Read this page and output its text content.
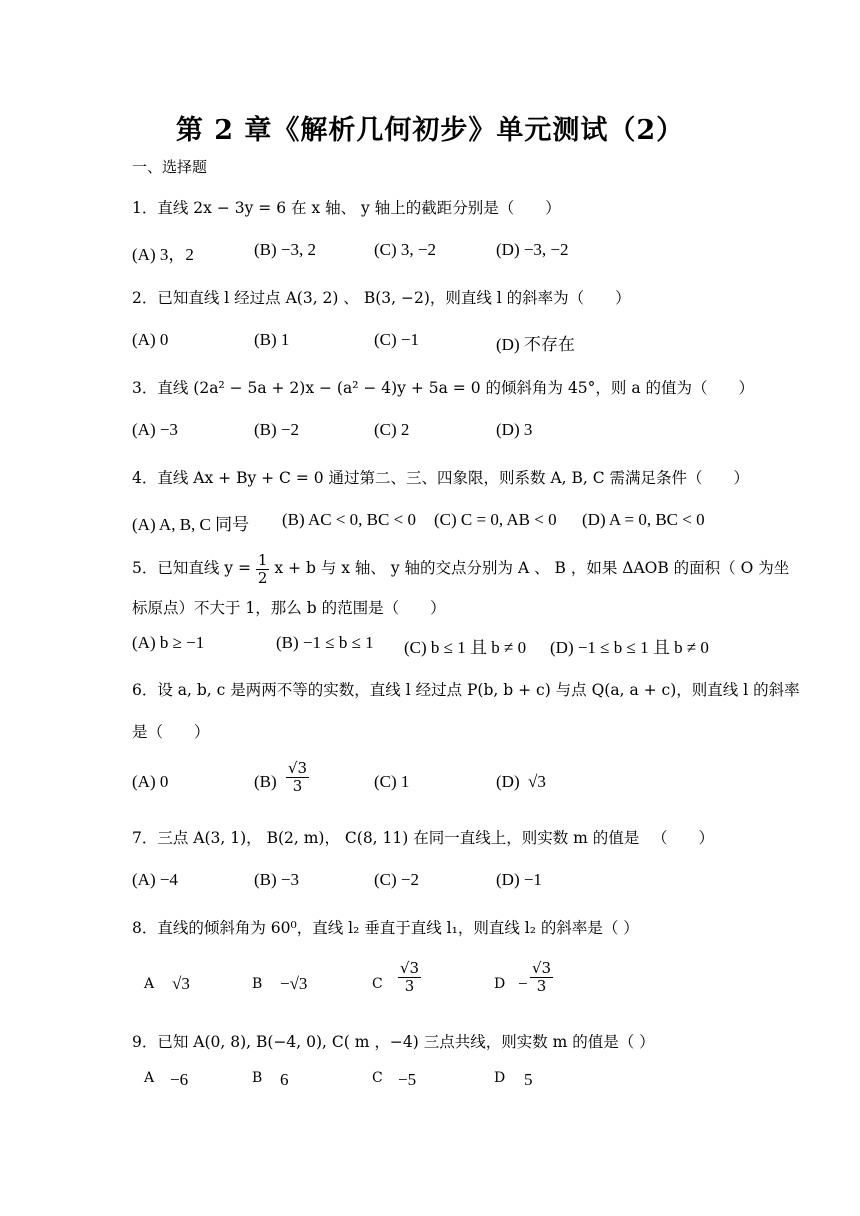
第 2 章《解析几何初步》单元测试（2）
一、选择题
1．直线 2x − 3y = 6 在 x 轴、 y 轴上的截距分别是（　　）
(A) 3，2	(B) −3, 2	(C) 3, −2	(D) −3, −2
2．已知直线 l 经过点 A(3, 2) 、 B(3, −2)，则直线 l 的斜率为（　　）
(A) 0	(B) 1	(C) −1	(D) 不存在
3．直线 (2a² − 5a + 2)x − (a² − 4)y + 5a = 0 的倾斜角为 45°，则 a 的值为（　　）
(A) −3	(B) −2	(C) 2	(D) 3
4．直线 Ax + By + C = 0 通过第二、三、四象限，则系数 A, B, C 需满足条件（　　）
(A) A, B, C 同号 (B) AC < 0, BC < 0 (C) C = 0, AB < 0 (D) A = 0, BC < 0
5．已知直线 $y = \frac{1}{2}$ x + b 与 x 轴、 y 轴的交点分别为 A 、 B ，如果 ΔAOB 的面积（ O 为坐
标原点）不大于 1，那么 b 的范围是（　　）
(A) b ≥ −1	(B) −1 ≤ b ≤ 1 (C) b ≤ 1 且 b ≠ 0 (D) −1 ≤ b ≤ 1 且 b ≠ 0
6．设 a, b, c 是两两不等的实数，直线 l 经过点 P(b, b + c) 与点 Q(a, a + c)，则直线 l 的斜率
是（　　）
(A) 0	$(B) \frac{√3}{3}$	(C) 1	(D) √3
7．三点 A(3, 1)， B(2, m)， C(8, 11) 在同一直线上，则实数 m 的值是 （　　）
(A) −4	(B) −3	(C) −2	(D) −1
8．直线的倾斜角为 60⁰，直线 l₂ 垂直于直线 l₁，则直线 l₂ 的斜率是（ ）
A √3	B −√3	C $\frac{√3}{3}$	$D - \frac{√3}{3}$
9．已知 A(0, 8), B(−4, 0), C( m ，−4) 三点共线，则实数 m 的值是（ ）
A −6	B 6	C −5	D 5
